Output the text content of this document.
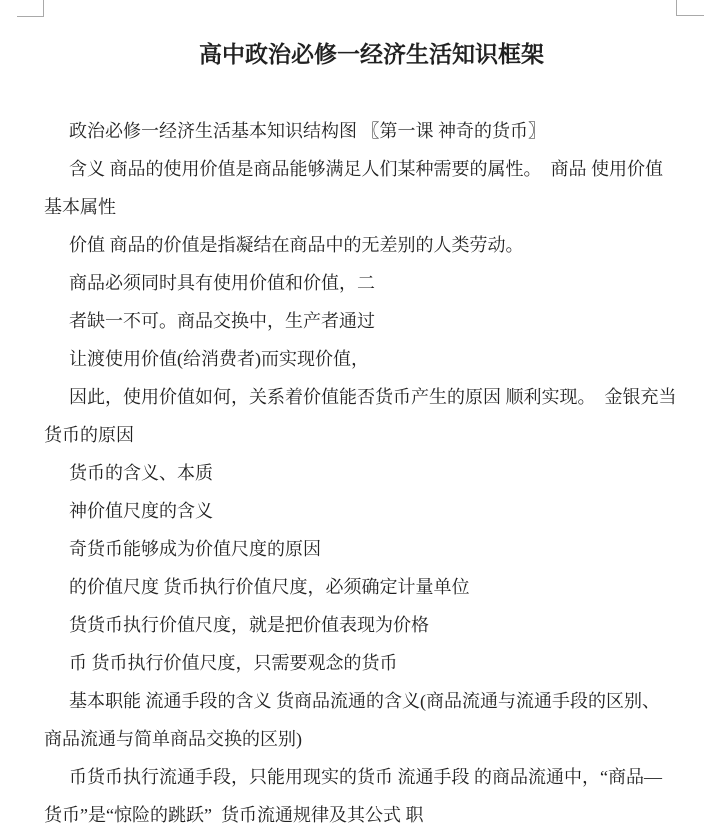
高中政治必修一经济生活知识框架
政治必修一经济生活基本知识结构图 〖第一课 神奇的货币〗
含义 商品的使用价值是商品能够满足人们某种需要的属性。  商品 使用价值
基本属性
价值 商品的价值是指凝结在商品中的无差别的人类劳动。
商品必须同时具有使用价值和价值，二
者缺一不可。商品交换中，生产者通过
让渡使用价值(给消费者)而实现价值，
因此，使用价值如何，关系着价值能否货币产生的原因 顺利实现。  金银充当
货币的原因
货币的含义、本质
神价值尺度的含义
奇货币能够成为价值尺度的原因
的价值尺度 货币执行价值尺度，必须确定计量单位
货货币执行价值尺度，就是把价值表现为价格
币 货币执行价值尺度，只需要观念的货币
基本职能 流通手段的含义 货商品流通的含义(商品流通与流通手段的区别、
商品流通与简单商品交换的区别)
币货币执行流通手段，只能用现实的货币 流通手段 的商品流通中，“商品—
货币”是“惊险的跳跃”  货币流通规律及其公式 职
